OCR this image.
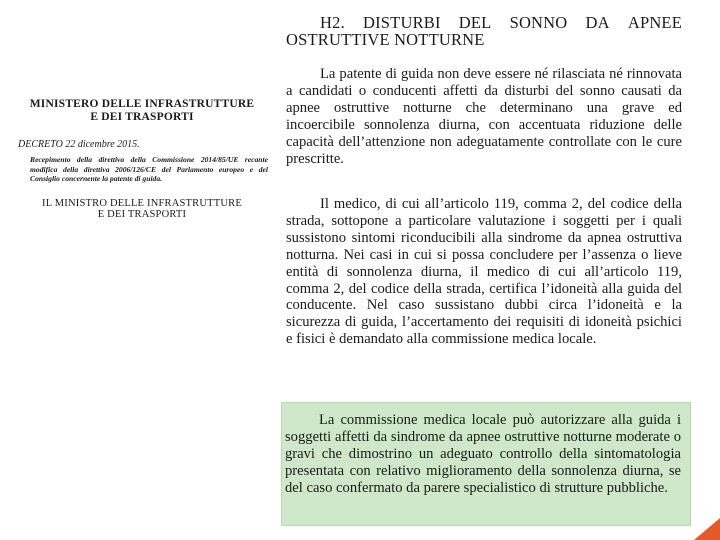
MINISTERO DELLE INFRASTRUTTURE
E DEI TRASPORTI

DECRETO 22 dicembre 2015.
Recepimento della direttiva della Commissione 2014/85/UE recante modifica della direttiva 2006/126/CE del Parlamento europeo e del Consiglio concernente la patente di guida.
IL MINISTRO DELLE INFRASTRUTTURE
E DEI TRASPORTI
H2. DISTURBI DEL SONNO DA APNEE
OSTRUTTIVE NOTTURNE

La patente di guida non deve essere né rilasciata né rinnovata a candidati o conducenti affetti da disturbi del sonno causati da apnee ostruttive notturne che determinano una grave ed incoercibile sonnolenza diurna, con accentuata riduzione delle capacità dell’attenzione non adeguatamente controllate con le cure prescritte.

Il medico, di cui all’articolo 119, comma 2, del codice della strada, sottopone a particolare valutazione i soggetti per i quali sussistono sintomi riconducibili alla sindrome da apnea ostruttiva notturna. Nei casi in cui si possa concludere per l’assenza o lieve entità di sonnolenza diurna, il medico di cui all’articolo 119, comma 2, del codice della strada, certifica l’idoneità alla guida del conducente. Nel caso sussistano dubbi circa l’idoneità e la sicurezza di guida, l’accertamento dei requisiti di idoneità psichici e fisici è demandato alla commissione medica locale.

La commissione medica locale può autorizzare alla guida i soggetti affetti da sindrome da apnee ostruttive notturne moderate o gravi che dimostrino un adeguato controllo della sintomatologia presentata con relativo miglioramento della sonnolenza diurna, se del caso confermato da parere specialistico di strutture pubbliche.
